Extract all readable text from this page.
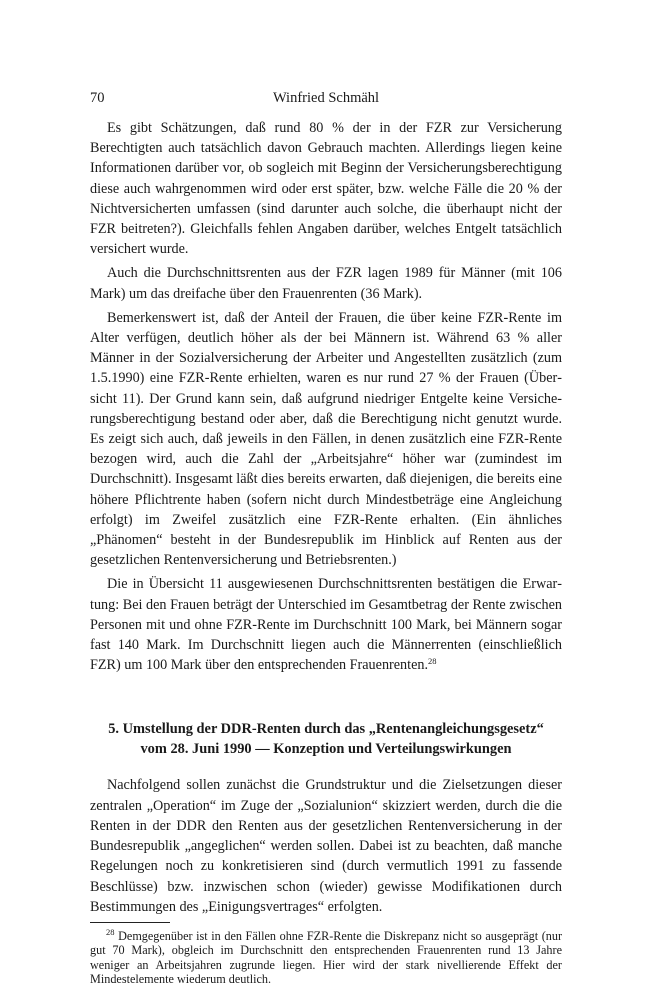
70	Winfried Schmähl

Es gibt Schätzungen, daß rund 80 % der in der FZR zur Versicherung Berechtigten auch tatsächlich davon Gebrauch machten. Allerdings liegen keine Informationen darüber vor, ob sogleich mit Beginn der Versicherungsberechtigung diese auch wahrgenommen wird oder erst später, bzw. welche Fälle die 20 % der Nichtversicherten umfassen (sind darunter auch solche, die überhaupt nicht der FZR beitreten?). Gleichfalls fehlen Angaben darüber, welches Entgelt tatsächlich versichert wurde.

Auch die Durchschnittsrenten aus der FZR lagen 1989 für Männer (mit 106 Mark) um das dreifache über den Frauenrenten (36 Mark).

Bemerkenswert ist, daß der Anteil der Frauen, die über keine FZR-Rente im Alter verfügen, deutlich höher als der bei Männern ist. Während 63 % aller Männer in der Sozialversicherung der Arbeiter und Angestellten zusätzlich (zum 1.5.1990) eine FZR-Rente erhielten, waren es nur rund 27 % der Frauen (Übersicht 11). Der Grund kann sein, daß aufgrund niedriger Entgelte keine Versicherungsberechtigung bestand oder aber, daß die Berechtigung nicht genutzt wurde. Es zeigt sich auch, daß jeweils in den Fällen, in denen zusätzlich eine FZR-Rente bezogen wird, auch die Zahl der „Arbeitsjahre“ höher war (zumindest im Durchschnitt). Insgesamt läßt dies bereits erwarten, daß diejenigen, die bereits eine höhere Pflichtrente haben (sofern nicht durch Mindestbeträge eine Angleichung erfolgt) im Zweifel zusätzlich eine FZR-Rente erhalten. (Ein ähnliches „Phänomen“ besteht in der Bundesrepublik im Hinblick auf Renten aus der gesetzlichen Rentenversicherung und Betriebsrenten.)

Die in Übersicht 11 ausgewiesenen Durchschnittsrenten bestätigen die Erwartung: Bei den Frauen beträgt der Unterschied im Gesamtbetrag der Rente zwischen Personen mit und ohne FZR-Rente im Durchschnitt 100 Mark, bei Männern sogar fast 140 Mark. Im Durchschnitt liegen auch die Männerrenten (einschließlich FZR) um 100 Mark über den entsprechenden Frauenrenten.$^{28}$

5. Umstellung der DDR-Renten durch das „Rentenangleichungsgesetz“
vom 28. Juni 1990 — Konzeption und Verteilungswirkungen

Nachfolgend sollen zunächst die Grundstruktur und die Zielsetzungen dieser zentralen „Operation“ im Zuge der „Sozialunion“ skizziert werden, durch die die Renten in der DDR den Renten aus der gesetzlichen Rentenversicherung in der Bundesrepublik „angeglichen“ werden sollen. Dabei ist zu beachten, daß manche Regelungen noch zu konkretisieren sind (durch vermutlich 1991 zu fassende Beschlüsse) bzw. inzwischen schon (wieder) gewisse Modifikationen durch Bestimmungen des „Einigungsvertrages“ erfolgten.

$^{28}$ Demgegenüber ist in den Fällen ohne FZR-Rente die Diskrepanz nicht so ausgeprägt (nur gut 70 Mark), obgleich im Durchschnitt den entsprechenden Frauenrenten rund 13 Jahre weniger an Arbeitsjahren zugrunde liegen. Hier wird der stark nivellierende Effekt der Mindestelemente wiederum deutlich.
